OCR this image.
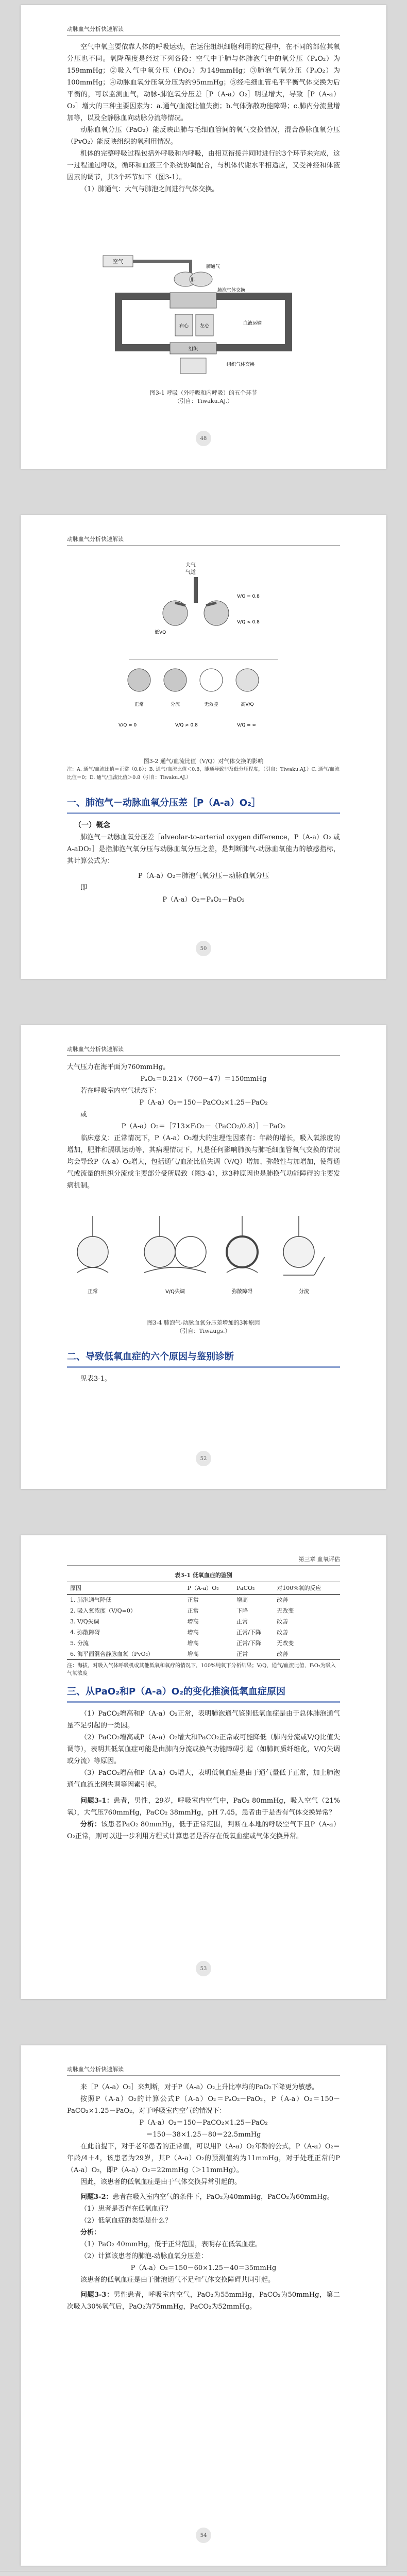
动脉血气分析快速解读

空气中氧主要依靠人体的呼吸运动，在运往组织细胞利用的过程中，在不同的部位其氧分压也不同。氧降程度是经过下列各段：空气中于肺与体肺泡气中的氧分压（PₐO₂）为159mmHg；②吸入气中氧分压（PᵢO₂）为149mmHg；③肺泡气氧分压（PₐO₂）为100mmHg；④动脉血氧分压氧分压为约95mmHg；⑤经毛细血管毛平平衡气体交换为后平衡的，可以监测血气，动脉-肺泡氧分压差［P（A-a）O₂］明显增大，导致［P（A-a）O₂］增大的三种主要因素为：a.通气/血流比值失衡；b.气体弥散功能障碍；c.肺内分流量增加等，以及全静脉血向动脉分流等情况。

动脉血氧分压（PaO₂）能反映出肺与毛细血管间的氧气交换情况，混合静脉血氧分压（PvO₂）能反映组织的氧利用情况。

机体的完整呼吸过程包括外呼吸和内呼吸，由相互衔接并同时进行的3个环节来完成，这一过程通过呼吸，循环和血液三个系统协调配合，与机体代谢水平相适应，又受神经和体液因素的调节，其3个环节如下（图3-1）。

（1）肺通气：大气与肺泡之间进行气体交换。

空气
肺通气
肺
肺泡气体交换
右心 左心	血液运输
组织
组织气体交换
图3-1 呼吸（外呼吸和内呼吸）的五个环节
（引自：Tiwaku.AJ.）
48
动脉血气分析快速解读
大气
气道
V/Q = 0.8
V/Q < 0.8
正常	分流	无效腔	高V/Q
V/Q = 0	V/Q > 0.8	V/Q = ∞
低VQ
图3-2 通气/血流比值（V/Q）对气体交换的影响
注：A. 通气/血流比值＝正常（0.8）；B. 通气/血流比值＜0.8，能通导致非及低分压程度，（引自：Tiwaku.AJ.）C. 通气/血流比值＝0；D. 通气/血流比值＞0.8（引自：Tiwaku.AJ.）
一、肺泡气－动脉血氧分压差［P（A-a）O₂］
（一）概念

肺泡气－动脉血氧分压差［alveolar-to-arterial oxygen difference，P（A-a）O₂ 或 A-aDO₂］是指肺泡气氧分压与动脉血氧分压之差，是判断肺气-动脉血氧能力的敏感指标，其计算公式为：

P（A-a）O₂＝肺泡气氧分压－动脉血氧分压

即

P（A-a）O₂＝PₐO₂－PaO₂

50
动脉血气分析快速解读

大气压力在海平面为760mmHg。

PₐO₂＝0.21×（760－47）＝150mmHg

若在呼吸室内空气状态下：

P（A-a）O₂＝150－PaCO₂×1.25－PaO₂

或

P（A-a）O₂＝［713×FᵢO₂－（PaCO₂/0.8）］－PaO₂

临床意义：正常情况下，P（A-a）O₂增大的生理性因素有：年龄的增长，吸入氧浓度的增加，肥胖和膈肌运动等，其病理情况下，凡是任何影响肺换与肺毛细血管氧气交换的情况均会导致P（A-a）O₂增大，包括通气/血流比值失调（V/Q）增加、弥散性与加增加，使得通气或流量的组织分流或主要部分受所局致（图3-4），这3种原因也是肺换气功能障碍的主要发病机制。

正常	V/Q失调	弥散障碍	分流
图3-4 肺泡气-动脉血氧分压差增加的3种原因
（引自：Tiwaugs.）
二、导致低氧血症的六个原因与鉴别诊断

见表3-1。

52
第三章 血氧评估
表3-1 低氧血症的鉴别
原因	P（A-a）O₂	PaCO₂	对100%氧的反应
1. 肺泡通气降低	正常	增高	改善
2. 吸入氧浓度（V/Q=0）	正常	下降	无改变
3. V/Q失调	增高	正常	改善
4. 弥散障碍	增高	正常/下降	改善
5. 分流	增高	正常/下降	无改变
6. 海平面混合静脉血氧（PvO₂）	增高	正常	改善
注：海拔，对吸入气体呼吸机或其他低氧和氧疗的情况下，100%纯氧下分析结果；V/Q，通气/血流比值，FᵢO₂为吸入气氧浓度
三、从PaO₂和P（A-a）O₂的变化推演低氧血症原因

（1）PaCO₂增高和P（A-a）O₂正常，表明肺泡通气鉴别低氧血症是由于总体肺泡通气量不足引起的一类因。

（2）PaCO₂增高或P（A-a）O₂增大和PaCO₂正常或可能降低（肺内分流或V/Q比值失调等），表明其低氧血症可能是由肺内分流或换气功能障碍引起（如肺间质纤维化，V/Q失调或分流）等原因。

（3）PaCO₂增高和P（A-a）O₂增大，表明低氧血症是由于通气量低于正常，加上肺泡通气血流比例失调等因素引起。

问题3-1：患者，男性，29岁，呼吸室内空气中，PaO₂ 80mmHg，吸入空气（21%氧），大气压760mmHg，PaCO₂ 38mmHg，pH 7.45，患者由于是否有气体交换异常？

分析：该患者PaO₂ 80mmHg，低于正常范围，判断在本地的呼吸空气下且P（A-a）O₂正常，则可以进一步利用方程式计算患者是否存在低氧血症或气体交换异常。

53
动脉血气分析快速解读

来［P（A-a）O₂］来判断，对于P（A-a）O₂上升比率均的PaO₂下降更为敏感。

按照P（A-a）O₂的计算公式P（A-a）O₂＝PₐO₂－PaO₂，P（A-a）O₂＝150－PaCO₂×1.25－PaO₂，对于呼吸室内空气的情况下：

P（A-a）O₂＝150－PaCO₂×1.25－PaO₂

＝150－38×1.25－80＝22.5mmHg

在此前提下，对于老年患者的正常值，可以用P（A-a）O₂年龄的公式，P（A-a）O₂＝年龄/4＋4，该患者为29岁，其P（A-a）O₂的预测值约为11mmHg，对于处理正常的P（A-a）O₂，即P（A-a）O₂＝22mmHg（＞11mmHg）。

因此，该患者的低氧血症是由于气体交换异常引起的。

问题3-2：患者在吸入室内空气的条件下，PaO₂为40mmHg，PaCO₂为60mmHg。

（1）患者是否存在低氧血症？

（2）低氧血症的类型是什么？

分析：

（1）PaO₂ 40mmHg，低于正常范围，表明存在低氧血症。

（2）计算该患者的肺泡-动脉血氧分压差：

P（A-a）O₂＝150－60×1.25－40＝35mmHg

该患者的低氧血症是由于肺泡通气不足和气体交换障碍共同引起。

问题3-3：男性患者，呼吸室内空气，PaO₂为55mmHg，PaCO₂为50mmHg，第二次吸入30%氧气后，PaO₂为75mmHg，PaCO₂为52mmHg。

54
